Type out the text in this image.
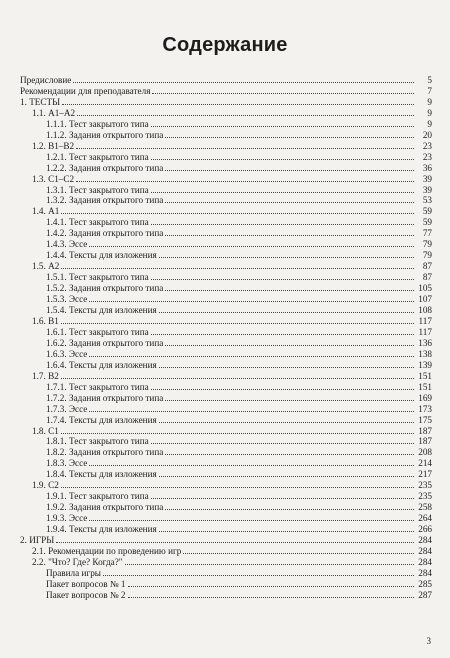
Содержание
Предисловие	5
Рекомендации для преподавателя	7
1. ТЕСТЫ	9
1.1. А1–А2	9
1.1.1. Тест закрытого типа	9
1.1.2. Задания открытого типа	20
1.2. В1–В2	23
1.2.1. Тест закрытого типа	23
1.2.2. Задания открытого типа	36
1.3. С1–С2	39
1.3.1. Тест закрытого типа	39
1.3.2. Задания открытого типа	53
1.4. А1	59
1.4.1. Тест закрытого типа	59
1.4.2. Задания открытого типа	77
1.4.3. Эссе	79
1.4.4. Тексты для изложения	79
1.5. А2	87
1.5.1. Тест закрытого типа	87
1.5.2. Задания открытого типа	105
1.5.3. Эссе	107
1.5.4. Тексты для изложения	108
1.6. В1	117
1.6.1. Тест закрытого типа	117
1.6.2. Задания открытого типа	136
1.6.3. Эссе	138
1.6.4. Тексты для изложения	139
1.7. В2	151
1.7.1. Тест закрытого типа	151
1.7.2. Задания открытого типа	169
1.7.3. Эссе	173
1.7.4. Тексты для изложения	175
1.8. С1	187
1.8.1. Тест закрытого типа	187
1.8.2. Задания открытого типа	208
1.8.3. Эссе	214
1.8.4. Тексты для изложения	217
1.9. С2	235
1.9.1. Тест закрытого типа	235
1.9.2. Задания открытого типа	258
1.9.3. Эссе	264
1.9.4. Тексты для изложения	266
2. ИГРЫ	284
2.1. Рекомендации по проведению игр	284
2.2. "Что? Где? Когда?"	284
Правила игры	284
Пакет вопросов № 1	285
Пакет вопросов № 2	287
3
